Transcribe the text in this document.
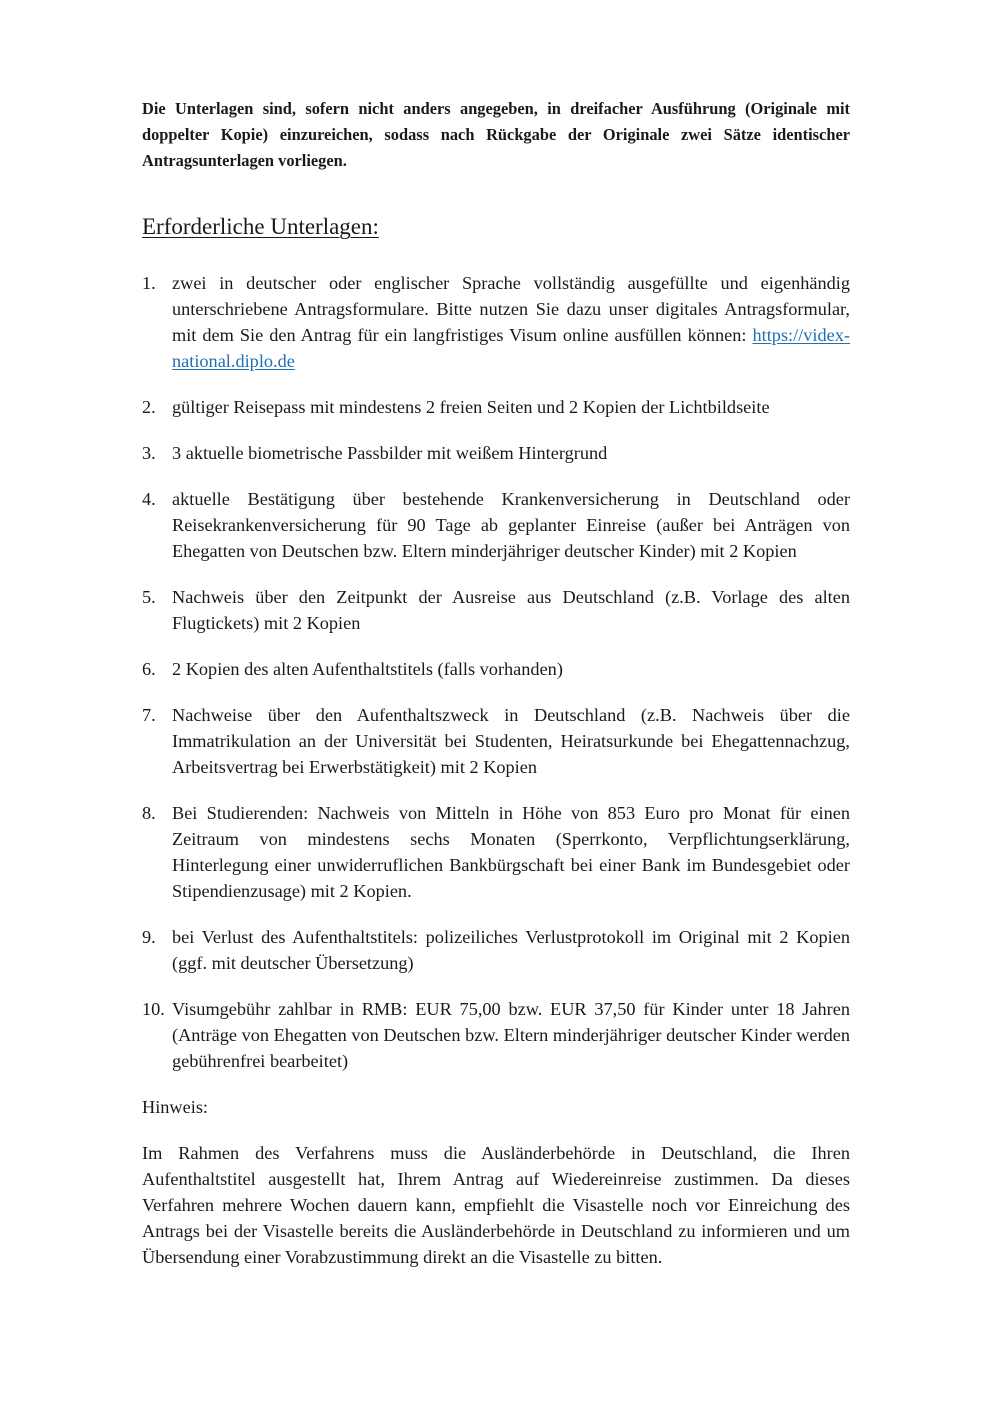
Die Unterlagen sind, sofern nicht anders angegeben, in dreifacher Ausführung (Originale mit doppelter Kopie) einzureichen, sodass nach Rückgabe der Originale zwei Sätze identischer Antragsunterlagen vorliegen.

Erforderliche Unterlagen:
1. zwei in deutscher oder englischer Sprache vollständig ausgefüllte und eigenhändig unterschriebene Antragsformulare. Bitte nutzen Sie dazu unser digitales Antragsformular, mit dem Sie den Antrag für ein langfristiges Visum online ausfüllen können: https://videx-national.diplo.de
2. gültiger Reisepass mit mindestens 2 freien Seiten und 2 Kopien der Lichtbildseite
3. 3 aktuelle biometrische Passbilder mit weißem Hintergrund
4. aktuelle Bestätigung über bestehende Krankenversicherung in Deutschland oder Reisekrankenversicherung für 90 Tage ab geplanter Einreise (außer bei Anträgen von Ehegatten von Deutschen bzw. Eltern minderjähriger deutscher Kinder) mit 2 Kopien
5. Nachweis über den Zeitpunkt der Ausreise aus Deutschland (z.B. Vorlage des alten Flugtickets) mit 2 Kopien
6. 2 Kopien des alten Aufenthaltstitels (falls vorhanden)
7. Nachweise über den Aufenthaltszweck in Deutschland (z.B. Nachweis über die Immatrikulation an der Universität bei Studenten, Heiratsurkunde bei Ehegattennachzug, Arbeitsvertrag bei Erwerbstätigkeit) mit 2 Kopien
8. Bei Studierenden: Nachweis von Mitteln in Höhe von 853 Euro pro Monat für einen Zeitraum von mindestens sechs Monaten (Sperrkonto, Verpflichtungserklärung, Hinterlegung einer unwiderruflichen Bankbürgschaft bei einer Bank im Bundesgebiet oder Stipendienzusage) mit 2 Kopien.
9. bei Verlust des Aufenthaltstitels: polizeiliches Verlustprotokoll im Original mit 2 Kopien (ggf. mit deutscher Übersetzung)
10. Visumgebühr zahlbar in RMB: EUR 75,00 bzw. EUR 37,50 für Kinder unter 18 Jahren (Anträge von Ehegatten von Deutschen bzw. Eltern minderjähriger deutscher Kinder werden gebührenfrei bearbeitet)

Hinweis:

Im Rahmen des Verfahrens muss die Ausländerbehörde in Deutschland, die Ihren Aufenthaltstitel ausgestellt hat, Ihrem Antrag auf Wiedereinreise zustimmen. Da dieses Verfahren mehrere Wochen dauern kann, empfiehlt die Visastelle noch vor Einreichung des Antrags bei der Visastelle bereits die Ausländerbehörde in Deutschland zu informieren und um Übersendung einer Vorabzustimmung direkt an die Visastelle zu bitten.
